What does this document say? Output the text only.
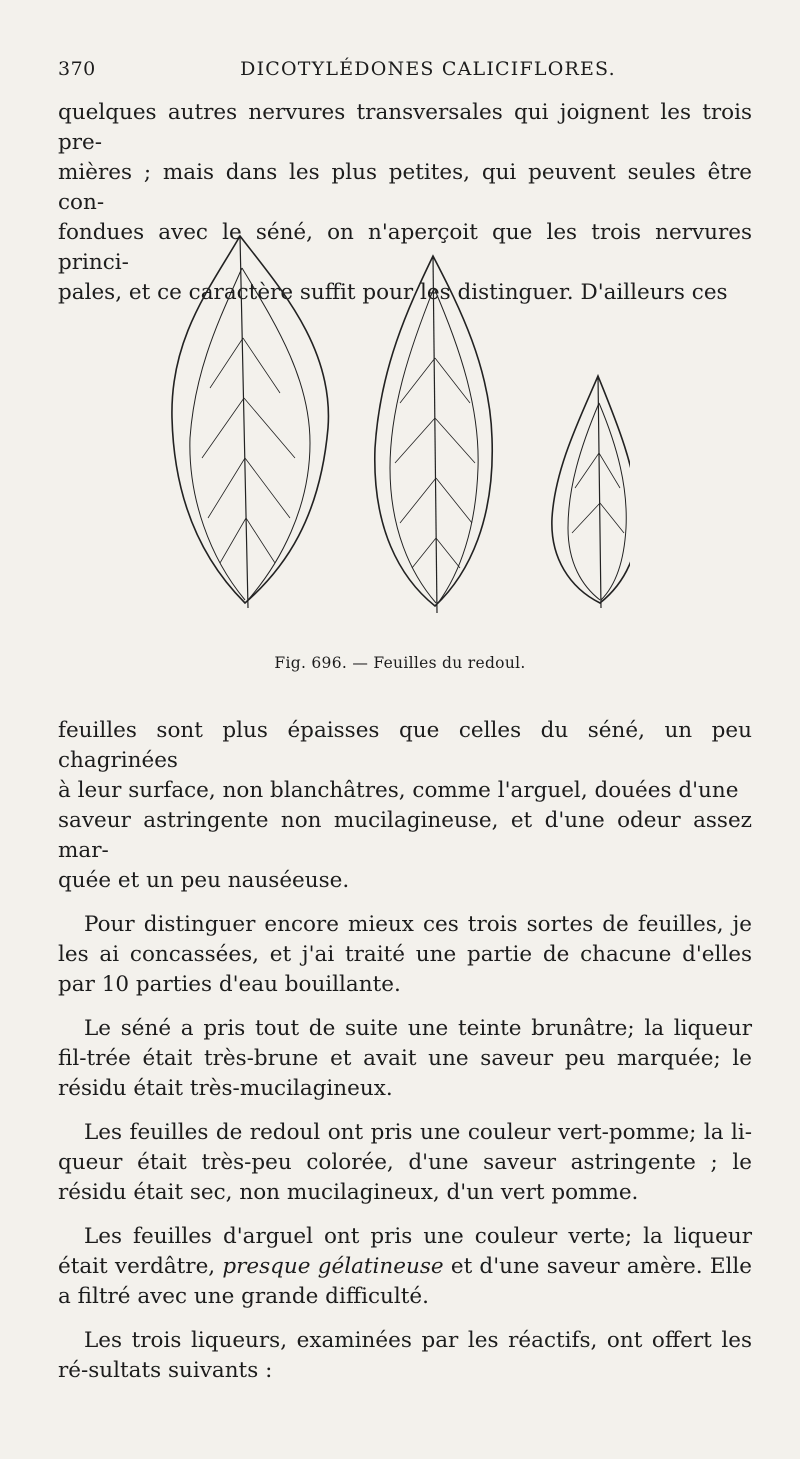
370	DICOTYLÉDONES CALICIFLORES.
quelques autres nervures transversales qui joignent les trois pre-
mières ; mais dans les plus petites, qui peuvent seules être con-
fondues avec le séné, on n'aperçoit que les trois nervures princi-
pales, et ce caractère suffit pour les distinguer. D'ailleurs ces
Fig. 696. — Feuilles du redoul.
feuilles sont plus épaisses que celles du séné, un peu chagrinées
à leur surface, non blanchâtres, comme l'arguel, douées d'une
saveur astringente non mucilagineuse, et d'une odeur assez mar-
quée et un peu nauséeuse.

Pour distinguer encore mieux ces trois sortes de feuilles, je les ai concassées, et j'ai traité une partie de chacune d'elles par 10 parties d'eau bouillante.

Le séné a pris tout de suite une teinte brunâtre; la liqueur fil-trée était très-brune et avait une saveur peu marquée; le résidu était très-mucilagineux.

Les feuilles de redoul ont pris une couleur vert-pomme; la li-queur était très-peu colorée, d'une saveur astringente ; le résidu était sec, non mucilagineux, d'un vert pomme.

Les feuilles d'arguel ont pris une couleur verte; la liqueur était verdâtre, presque gélatineuse et d'une saveur amère. Elle a filtré avec une grande difficulté.

Les trois liqueurs, examinées par les réactifs, ont offert les ré-sultats suivants :
